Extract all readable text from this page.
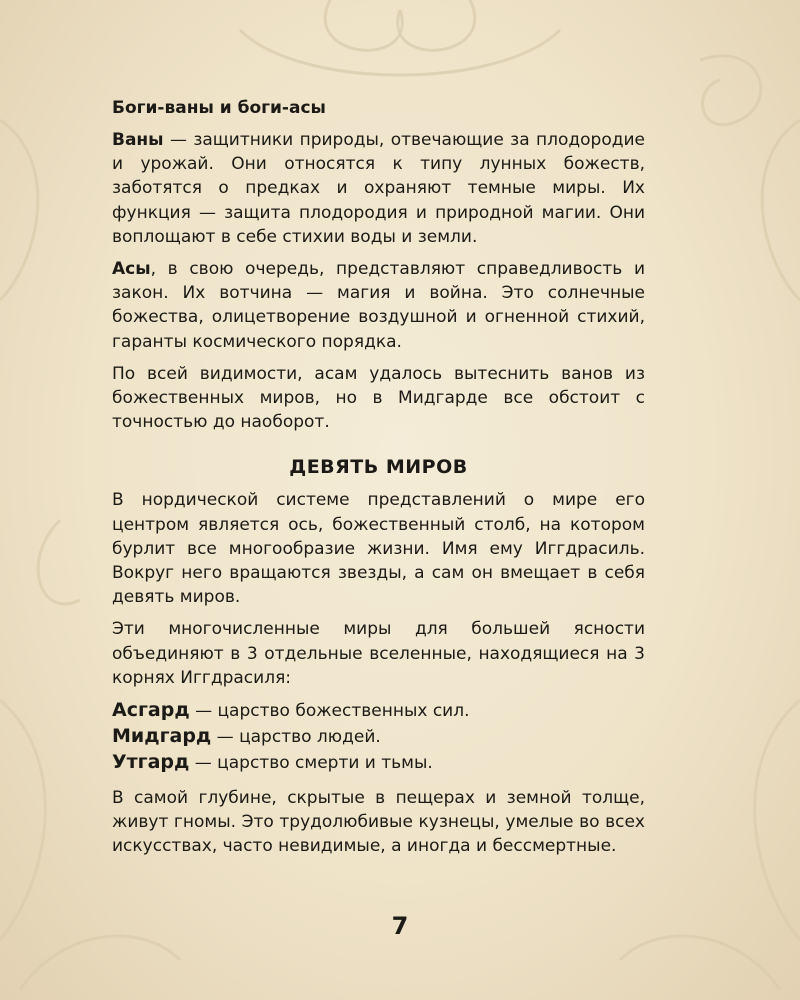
Боги-ваны и боги-асы

Ваны — защитники природы, отвечающие за плодородие и урожай. Они относятся к типу лунных божеств, заботятся о предках и охраняют темные миры. Их функция — защита плодородия и природной магии. Они воплощают в себе стихии воды и земли.

Асы, в свою очередь, представляют справедливость и закон. Их вотчина — магия и война. Это солнечные божества, олицетворение воздушной и огненной стихий, гаранты космического порядка.

По всей видимости, асам удалось вытеснить ванов из божественных миров, но в Мидгарде все обстоит с точностью до наоборот.

ДЕВЯТЬ МИРОВ

В нордической системе представлений о мире его центром является ось, божественный столб, на котором бурлит все многообразие жизни. Имя ему Иггдрасиль. Вокруг него вращаются звезды, а сам он вмещает в себя девять миров.

Эти многочисленные миры для большей ясности объединяют в 3 отдельные вселенные, находящиеся на 3 корнях Иггдрасиля:

Асгард — царство божественных сил.
Мидгард — царство людей.
Утгард — царство смерти и тьмы.

В самой глубине, скрытые в пещерах и земной толще, живут гномы. Это трудолюбивые кузнецы, умелые во всех искусствах, часто невидимые, а иногда и бессмертные.

7
